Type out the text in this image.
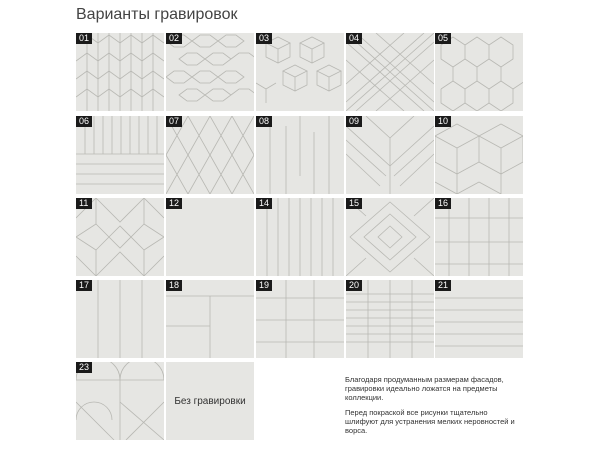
Варианты гравировок
01	02	03	04	05
06	07	08	09	10
11	12	14	15	16
17	18	19	20	21
23
Без гравировки

Благодаря продуманным размерам фасадов, гравировки идеально ложатся на предметы коллекции.

Перед покраской все рисунки тщательно шлифуют для устранения мелких неровностей и ворса.
